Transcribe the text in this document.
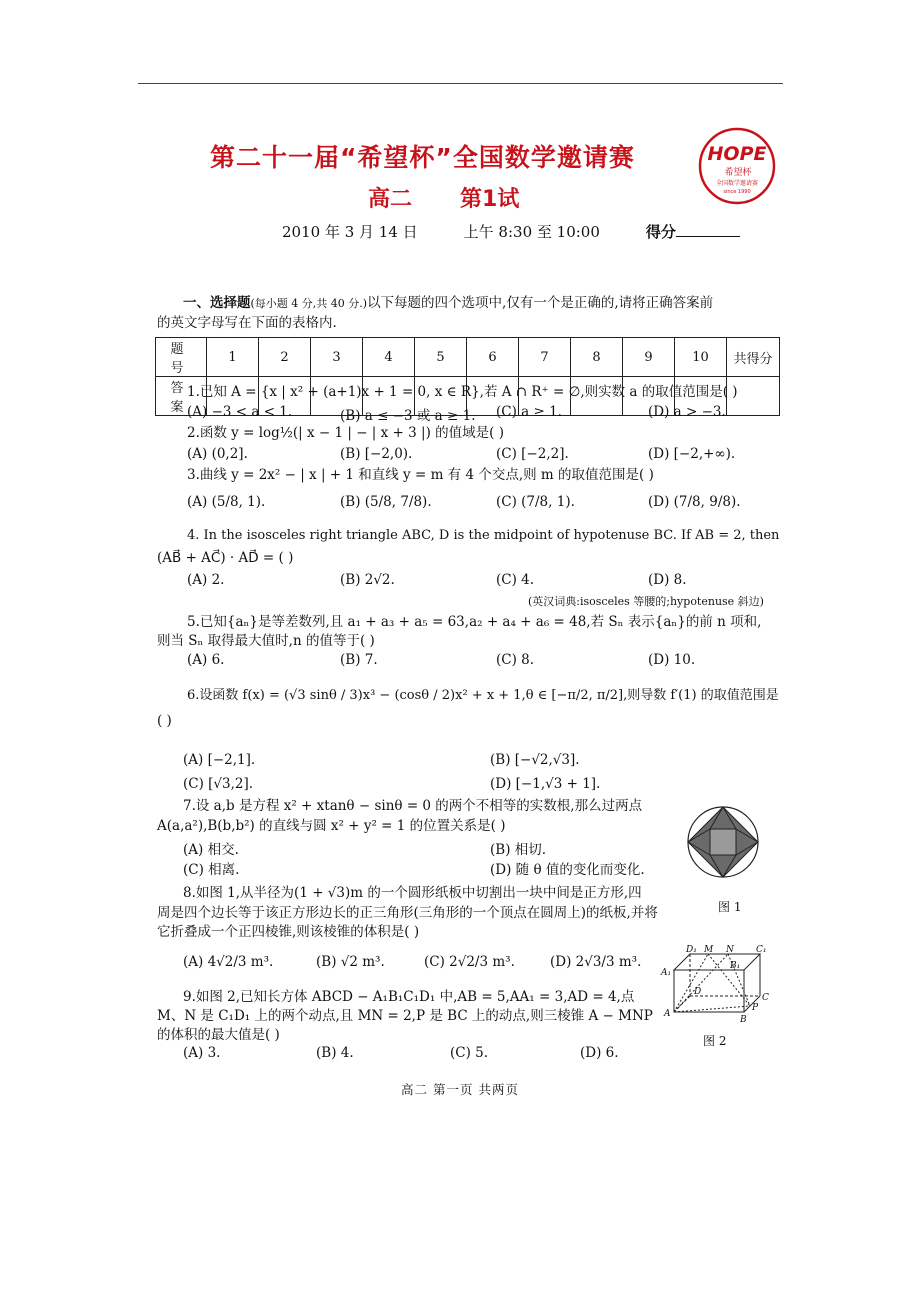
第二十一届“希望杯”全国数学邀请赛
高二 第1试
HOPE
希望杯
全国数学邀请赛
since 1990
2010 年 3 月 14 日	上午 8:30 至 10:00	得分
一、选择题(每小题 4 分,共 40 分.)以下每题的四个选项中,仅有一个是正确的,请将正确答案前
的英文字母写在下面的表格内.
题 号	1	2	3	4	5	6	7	8	9	10	共得分
答 案											
1.已知 A = {x | x² + (a+1)x + 1 = 0, x ∈ R},若 A ∩ R⁺ = ∅,则实数 a 的取值范围是( )
(A) −3 < a < 1.	(B) a ≤ −3 或 a ≥ 1. (C) a ≥ 1.	(D) a > −3.
2.函数 y = log½(| x − 1 | − | x + 3 |) 的值域是( )
(A) (0,2].	(B) [−2,0).	(C) [−2,2].	(D) [−2,+∞).
3.曲线 y = 2x² − | x | + 1 和直线 y = m 有 4 个交点,则 m 的取值范围是( )
(A) (5/8, 1).	(B) (5/8, 7/8).	(C) (7/8, 1).	(D) (7/8, 9/8).
4. In the isosceles right triangle ABC, D is the midpoint of hypotenuse BC. If AB = 2, then
(AB⃗ + AC⃗) · AD⃗ = ( )
(A) 2.	(B) 2√2.	(C) 4.	(D) 8.
(英汉词典:isosceles 等腰的;hypotenuse 斜边)
5.已知{aₙ}是等差数列,且 a₁ + a₃ + a₅ = 63,a₂ + a₄ + a₆ = 48,若 Sₙ 表示{aₙ}的前 n 项和,
则当 Sₙ 取得最大值时,n 的值等于( )
(A) 6.	(B) 7.	(C) 8.	(D) 10.
6.设函数 f(x) = (√3 sinθ / 3)x³ − (cosθ / 2)x² + x + 1,θ ∈ [−π/2, π/2],则导数 f′(1) 的取值范围是
( )
(A) [−2,1].	(B) [−√2,√3].
(C) [√3,2].	(D) [−1,√3 + 1].
7.设 a,b 是方程 x² + xtanθ − sinθ = 0 的两个不相等的实数根,那么过两点
A(a,a²),B(b,b²) 的直线与圆 x² + y² = 1 的位置关系是( )
(A) 相交.	(B) 相切.
(C) 相离.	(D) 随 θ 值的变化而变化.
图 1
8.如图 1,从半径为(1 + √3)m 的一个圆形纸板中切割出一块中间是正方形,四
周是四个边长等于该正方形边长的正三角形(三角形的一个顶点在圆周上)的纸板,并将
它折叠成一个正四棱锥,则该棱锥的体积是( )
(A) 4√2/3 m³.	(B) √2 m³.	(C) 2√2/3 m³.	(D) 2√3/3 m³.
D₁ M N C₁
A₁
B₁
D
C
A
B
P
图 2
9.如图 2,已知长方体 ABCD − A₁B₁C₁D₁ 中,AB = 5,AA₁ = 3,AD = 4,点
M、N 是 C₁D₁ 上的两个动点,且 MN = 2,P 是 BC 上的动点,则三棱锥 A − MNP
的体积的最大值是( )
(A) 3.	(B) 4.	(C) 5.	(D) 6.
高二 第一页 共两页
